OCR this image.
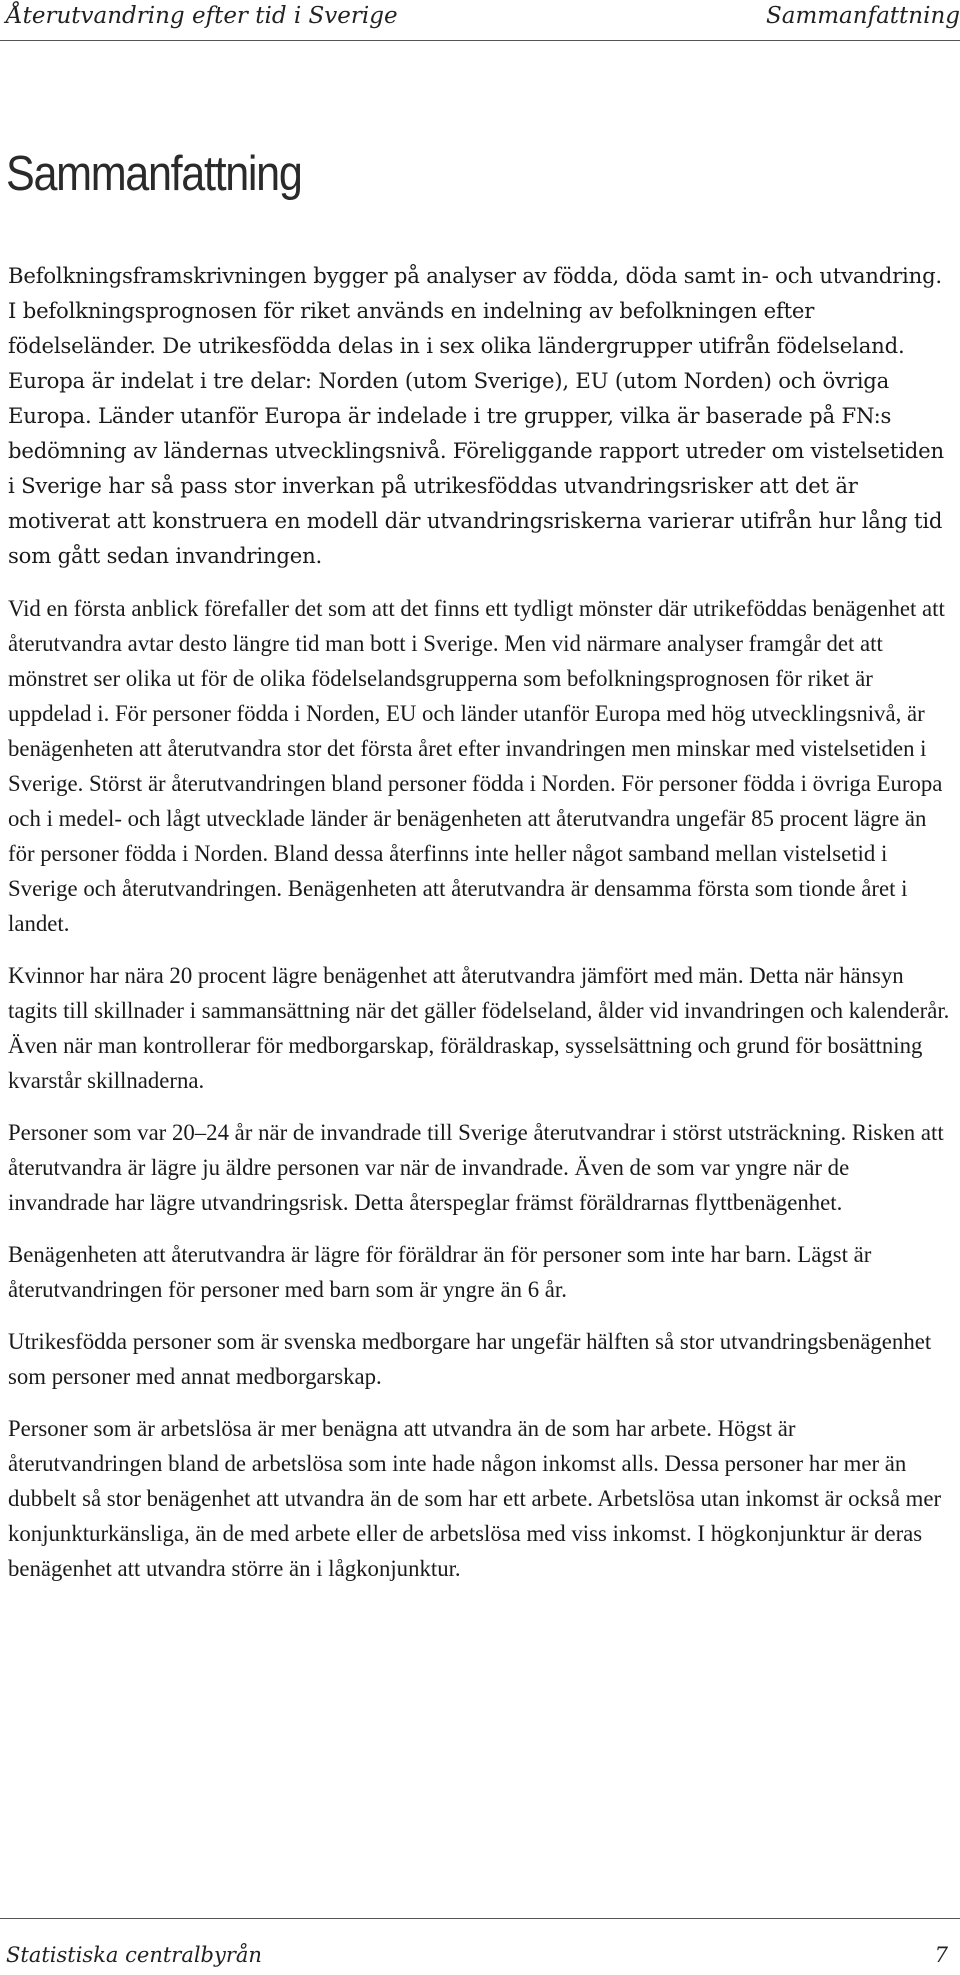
Återutvandring efter tid i Sverige	Sammanfattning
Sammanfattning

Befolkningsframskrivningen bygger på analyser av födda, döda samt in- och utvandring. I befolkningsprognosen för riket används en indelning av befolkningen efter födelseländer. De utrikesfödda delas in i sex olika ländergrupper utifrån födelseland. Europa är indelat i tre delar: Norden (utom Sverige), EU (utom Norden) och övriga Europa. Länder utanför Europa är indelade i tre grupper, vilka är baserade på FN:s bedömning av ländernas utvecklingsnivå. Föreliggande rapport utreder om vistelsetiden i Sverige har så pass stor inverkan på utrikesföddas utvandringsrisker att det är motiverat att konstruera en modell där utvandringsriskerna varierar utifrån hur lång tid som gått sedan invandringen.

Vid en första anblick förefaller det som att det finns ett tydligt mönster där utrikeföddas benägenhet att återutvandra avtar desto längre tid man bott i Sverige. Men vid närmare analyser framgår det att mönstret ser olika ut för de olika födelselandsgrupperna som befolkningsprognosen för riket är uppdelad i. För personer födda i Norden, EU och länder utanför Europa med hög utvecklingsnivå, är benägenheten att återutvandra stor det första året efter invandringen men minskar med vistelsetiden i Sverige. Störst är återutvandringen bland personer födda i Norden. För personer födda i övriga Europa och i medel- och lågt utvecklade länder är benägenheten att återutvandra ungefär 85 procent lägre än för personer födda i Norden. Bland dessa återfinns inte heller något samband mellan vistelsetid i Sverige och återutvandringen. Benägenheten att återutvandra är densamma första som tionde året i landet.

Kvinnor har nära 20 procent lägre benägenhet att återutvandra jämfört med män. Detta när hänsyn tagits till skillnader i sammansättning när det gäller födelseland, ålder vid invandringen och kalenderår. Även när man kontrollerar för medborgarskap, föräldraskap, sysselsättning och grund för bosättning kvarstår skillnaderna.

Personer som var 20–24 år när de invandrade till Sverige återutvandrar i störst utsträckning. Risken att återutvandra är lägre ju äldre personen var när de invandrade. Även de som var yngre när de invandrade har lägre utvandringsrisk. Detta återspeglar främst föräldrarnas flyttbenägenhet.

Benägenheten att återutvandra är lägre för föräldrar än för personer som inte har barn. Lägst är återutvandringen för personer med barn som är yngre än 6 år.

Utrikesfödda personer som är svenska medborgare har ungefär hälften så stor utvandringsbenägenhet som personer med annat medborgarskap.

Personer som är arbetslösa är mer benägna att utvandra än de som har arbete. Högst är återutvandringen bland de arbetslösa som inte hade någon inkomst alls. Dessa personer har mer än dubbelt så stor benägenhet att utvandra än de som har ett arbete. Arbetslösa utan inkomst är också mer konjunkturkänsliga, än de med arbete eller de arbetslösa med viss inkomst. I högkonjunktur är deras benägenhet att utvandra större än i lågkonjunktur.

Statistiska centralbyrån	7
